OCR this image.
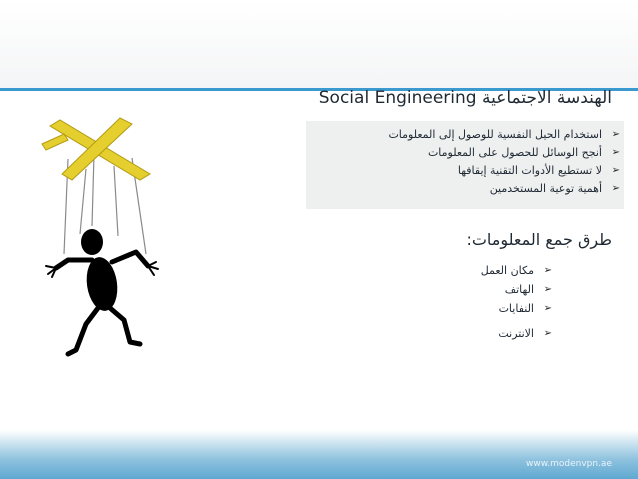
الهندسة الاجتماعية Social Engineering
➢
استخدام الحيل النفسية للوصول إلى المعلومات
➢
أنجح الوسائل للحصول على المعلومات
➢
لا تستطيع الأدوات التقنية إيقافها
➢
أهمية توعية المستخدمين
طرق جمع المعلومات:
➢
مكان العمل
➢
الهاتف
➢
النفايات
➢
الانترنت
www.modenvpn.ae
